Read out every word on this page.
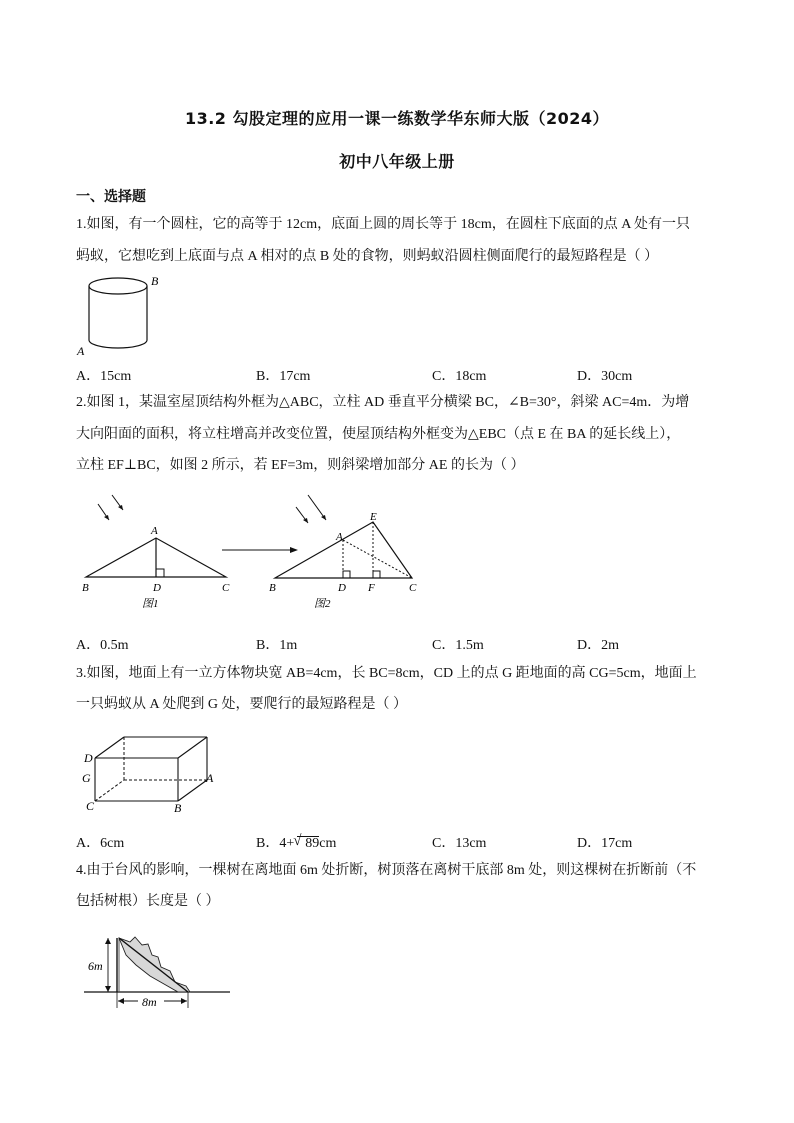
13.2 勾股定理的应用一课一练数学华东师大版（2024）
初中八年级上册
一、选择题
1.如图，有一个圆柱，它的高等于 12cm，底面上圆的周长等于 18cm，在圆柱下底面的点 A 处有一只
蚂蚁，它想吃到上底面与点 A 相对的点 B 处的食物，则蚂蚁沿圆柱侧面爬行的最短路程是（ ）
A
B
A．15cm	B．17cm	C．18cm	D．30cm
2.如图 1，某温室屋顶结构外框为△ABC，立柱 AD 垂直平分横梁 BC，∠B=30°，斜梁 AC=4m．为增
大向阳面的面积，将立柱增高并改变位置，使屋顶结构外框变为△EBC（点 E 在 BA 的延长线上），
立柱 EF⊥BC，如图 2 所示，若 EF=3m，则斜梁增加部分 AE 的长为（ ）
A
B	D	C
图1
E
A
B	D F	C
图2
A．0.5m	B．1m	C．1.5m	D．2m
3.如图，地面上有一立方体物块宽 AB=4cm，长 BC=8cm，CD 上的点 G 距地面的高 CG=5cm，地面上
一只蚂蚁从 A 处爬到 G 处，要爬行的最短路程是（ ）
D
G
C	B
A
A．6cm	B．4+√ 89cm	C．13cm	D．17cm
4.由于台风的影响，一棵树在离地面 6m 处折断，树顶落在离树干底部 8m 处，则这棵树在折断前（不
包括树根）长度是（ ）
6m
8m
